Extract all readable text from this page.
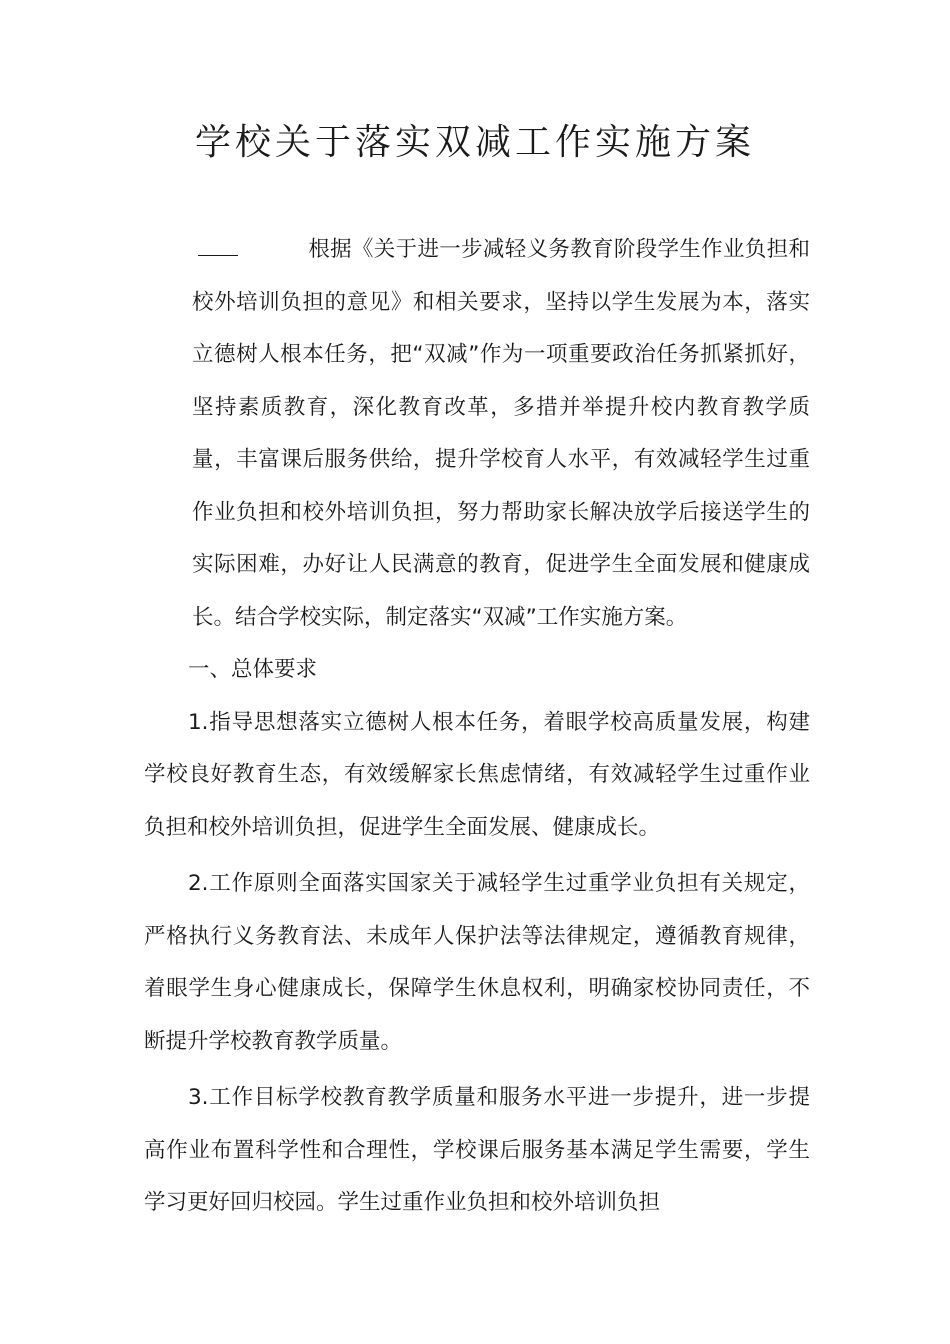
学校关于落实双减工作实施方案

根据《关于进一步减轻义务教育阶段学生作业负担和校外培训负担的意见》和相关要求，坚持以学生发展为本，落实立德树人根本任务，把“双减”作为一项重要政治任务抓紧抓好，坚持素质教育，深化教育改革，多措并举提升校内教育教学质量，丰富课后服务供给，提升学校育人水平，有效减轻学生过重作业负担和校外培训负担，努力帮助家长解决放学后接送学生的实际困难，办好让人民满意的教育，促进学生全面发展和健康成长。结合学校实际，制定落实“双减”工作实施方案。

一、总体要求

1.指导思想落实立德树人根本任务，着眼学校高质量发展，构建学校良好教育生态，有效缓解家长焦虑情绪，有效减轻学生过重作业负担和校外培训负担，促进学生全面发展、健康成长。

2.工作原则全面落实国家关于减轻学生过重学业负担有关规定，严格执行义务教育法、未成年人保护法等法律规定，遵循教育规律，着眼学生身心健康成长，保障学生休息权利，明确家校协同责任，不断提升学校教育教学质量。

3.工作目标学校教育教学质量和服务水平进一步提升，进一步提高作业布置科学性和合理性，学校课后服务基本满足学生需要，学生学习更好回归校园。学生过重作业负担和校外培训负担
